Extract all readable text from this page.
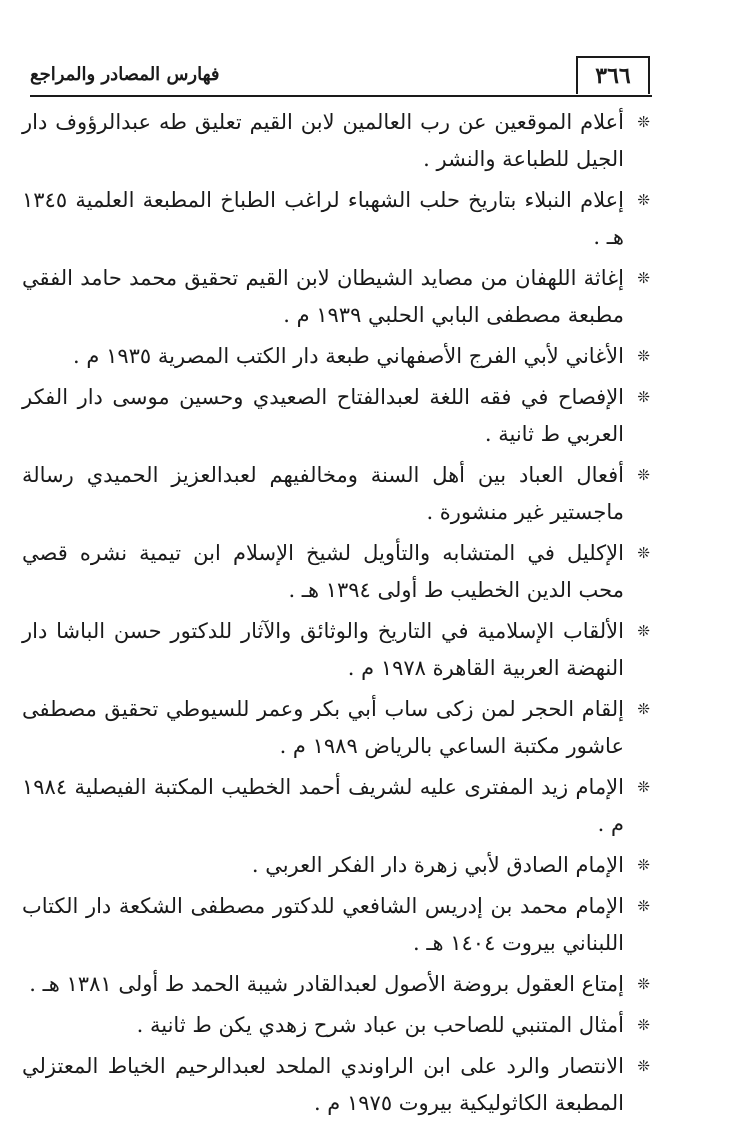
٣٦٦
فهارس المصادر والمراجع

❊
أعلام الموقعين عن رب العالمين لابن القيم تعليق طه عبدالرؤوف دار الجيل للطباعة والنشر .

❊
إعلام النبلاء بتاريخ حلب الشهباء لراغب الطباخ المطبعة العلمية ١٣٤٥ هـ .

❊
إغاثة اللهفان من مصايد الشيطان لابن القيم تحقيق محمد حامد الفقي مطبعة مصطفى البابي الحلبي ١٩٣٩ م .

❊
الأغاني لأبي الفرج الأصفهاني طبعة دار الكتب المصرية ١٩٣٥ م .

❊
الإفصاح في فقه اللغة لعبدالفتاح الصعيدي وحسين موسى دار الفكر العربي ط ثانية .

❊
أفعال العباد بين أهل السنة ومخالفيهم لعبدالعزيز الحميدي رسالة ماجستير غير منشورة .

❊
الإكليل في المتشابه والتأويل لشيخ الإسلام ابن تيمية نشره قصي محب الدين الخطيب ط أولى ١٣٩٤ هـ .

❊
الألقاب الإسلامية في التاريخ والوثائق والآثار للدكتور حسن الباشا دار النهضة العربية القاهرة ١٩٧٨ م .

❊
إلقام الحجر لمن زكى ساب أبي بكر وعمر للسيوطي تحقيق مصطفى عاشور مكتبة الساعي بالرياض ١٩٨٩ م .

❊
الإمام زيد المفترى عليه لشريف أحمد الخطيب المكتبة الفيصلية ١٩٨٤ م .

❊
الإمام الصادق لأبي زهرة دار الفكر العربي .

❊
الإمام محمد بن إدريس الشافعي للدكتور مصطفى الشكعة دار الكتاب اللبناني بيروت ١٤٠٤ هـ .

❊
إمتاع العقول بروضة الأصول لعبدالقادر شيبة الحمد ط أولى ١٣٨١ هـ .

❊
أمثال المتنبي للصاحب بن عباد شرح زهدي يكن ط ثانية .

❊
الانتصار والرد على ابن الراوندي الملحد لعبدالرحيم الخياط المعتزلي المطبعة الكاثوليكية بيروت ١٩٧٥ م .
